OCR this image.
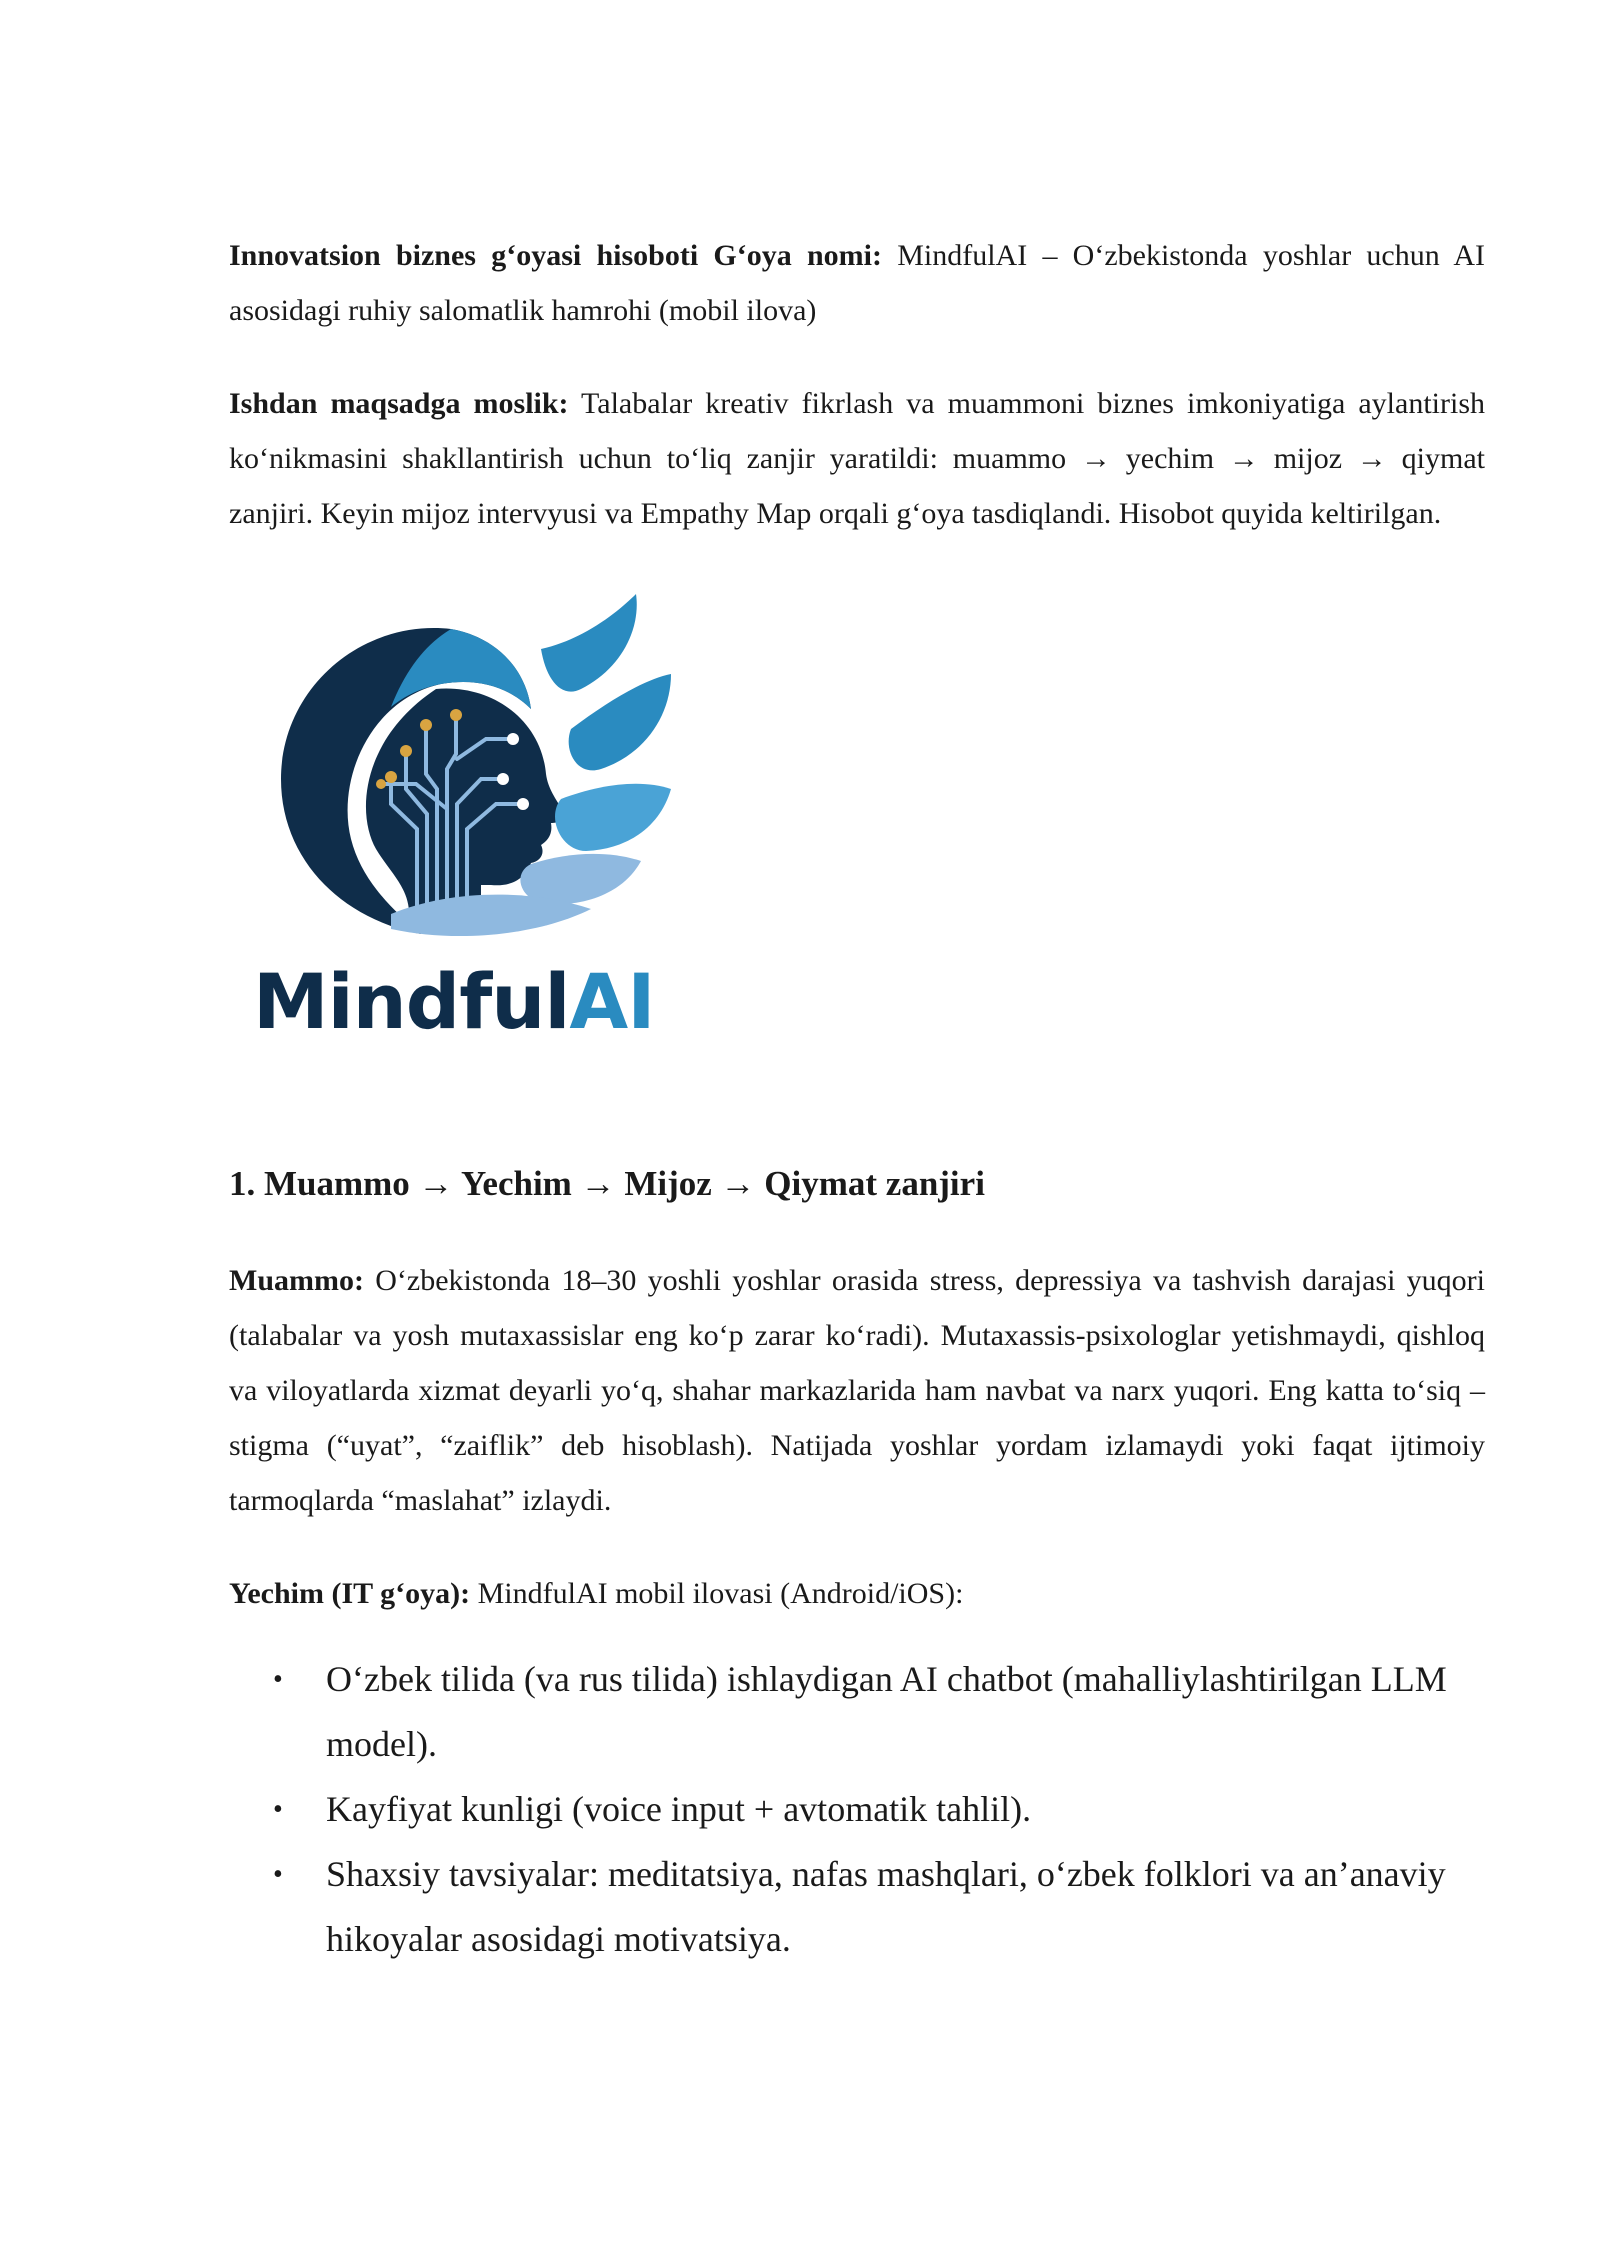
Innovatsion biznes g‘oyasi hisoboti G‘oya nomi: MindfulAI – O‘zbekistonda yoshlar uchun AI asosidagi ruhiy salomatlik hamrohi (mobil ilova)

Ishdan maqsadga moslik: Talabalar kreativ fikrlash va muammoni biznes imkoniyatiga aylantirish ko‘nikmasini shakllantirish uchun to‘liq zanjir yaratildi: muammo → yechim → mijoz → qiymat zanjiri. Keyin mijoz intervyusi va Empathy Map orqali g‘oya tasdiqlandi. Hisobot quyida keltirilgan.

MindfulAI
1. Muammo → Yechim → Mijoz → Qiymat zanjiri

Muammo: O‘zbekistonda 18–30 yoshli yoshlar orasida stress, depressiya va tashvish darajasi yuqori (talabalar va yosh mutaxassislar eng ko‘p zarar ko‘radi). Mutaxassis-psixologlar yetishmaydi, qishloq va viloyatlarda xizmat deyarli yo‘q, shahar markazlarida ham navbat va narx yuqori. Eng katta to‘siq – stigma (“uyat”, “zaiflik” deb hisoblash). Natijada yoshlar yordam izlamaydi yoki faqat ijtimoiy tarmoqlarda “maslahat” izlaydi.

Yechim (IT g‘oya): MindfulAI mobil ilovasi (Android/iOS):

• O‘zbek tilida (va rus tilida) ishlaydigan AI chatbot (mahalliylashtirilgan LLM model).
• Kayfiyat kunligi (voice input + avtomatik tahlil).
• Shaxsiy tavsiyalar: meditatsiya, nafas mashqlari, o‘zbek folklori va an’anaviy hikoyalar asosidagi motivatsiya.
